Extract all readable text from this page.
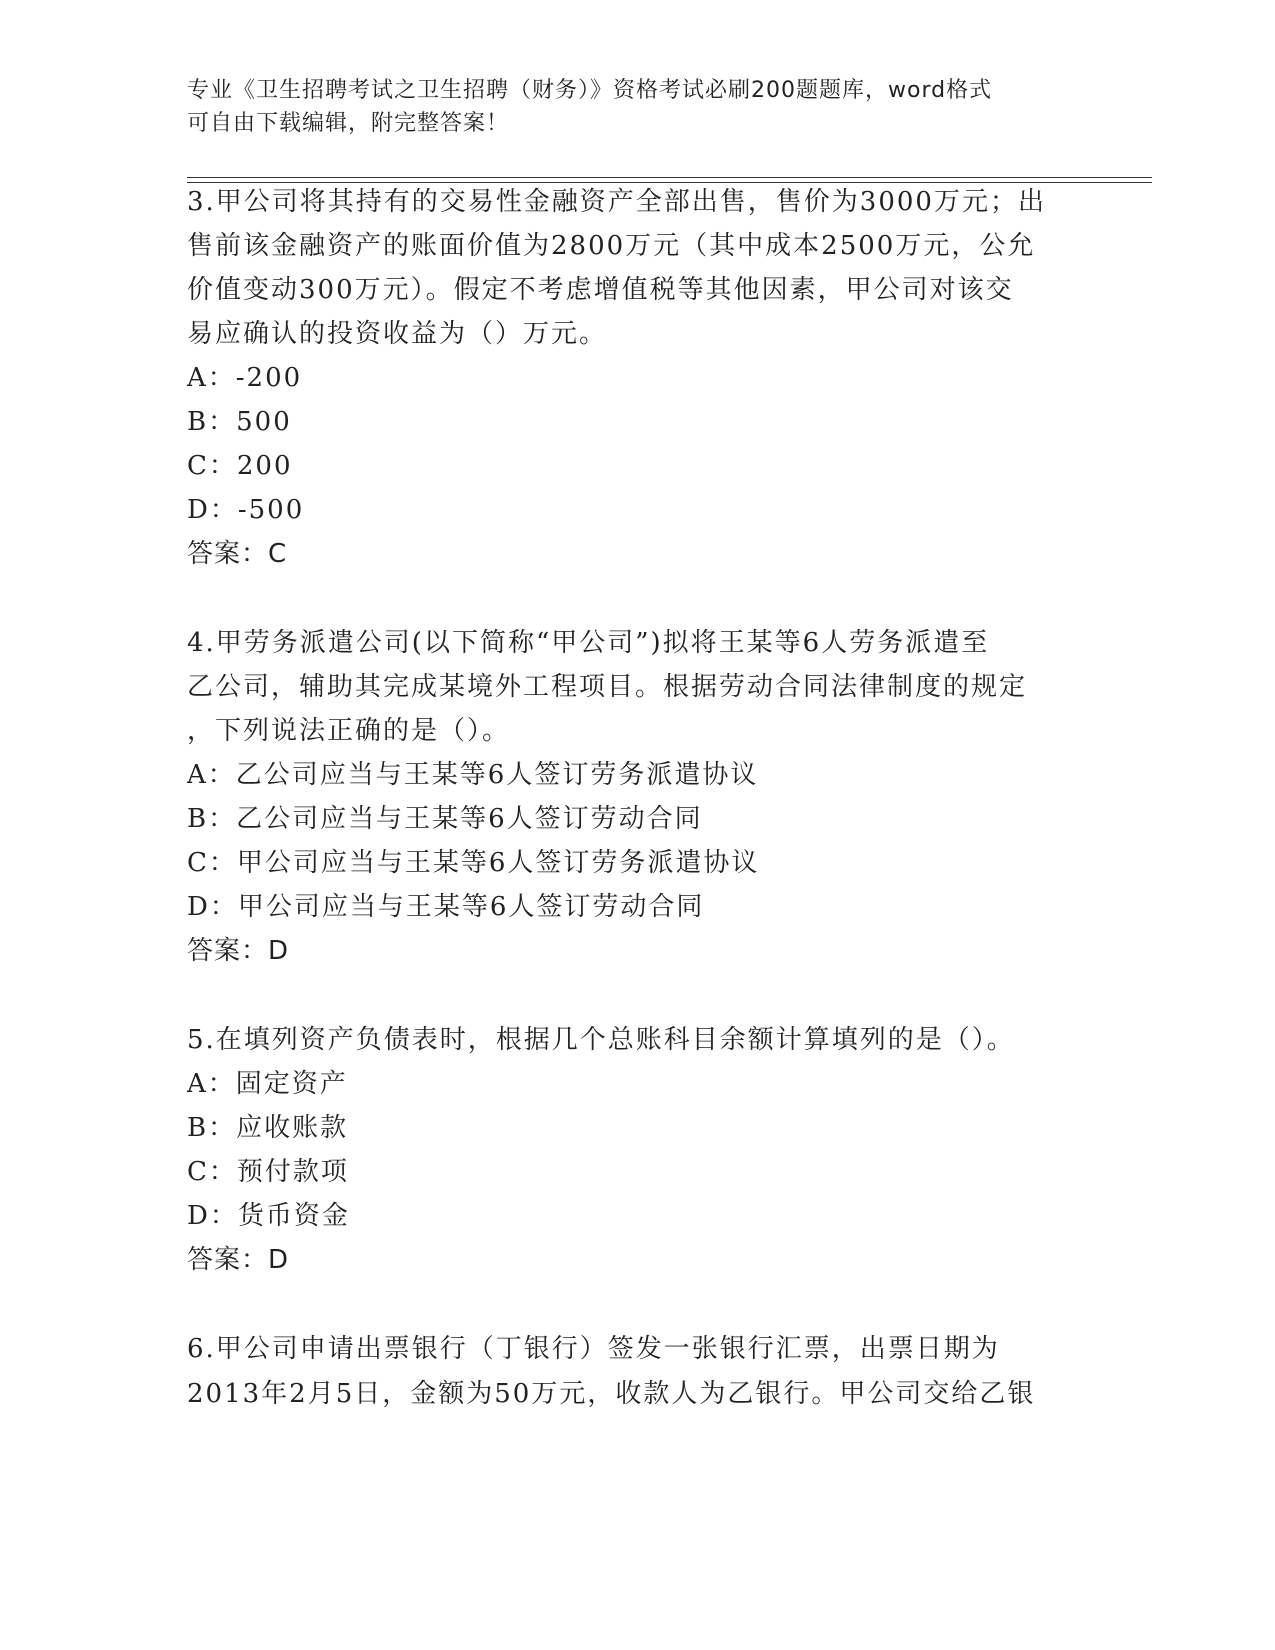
专业《卫生招聘考试之卫生招聘（财务）》资格考试必刷200题题库，word格式
可自由下载编辑，附完整答案！
3.甲公司将其持有的交易性金融资产全部出售，售价为3000万元；出
售前该金融资产的账面价值为2800万元（其中成本2500万元，公允
价值变动300万元）。假定不考虑增值税等其他因素，甲公司对该交
易应确认的投资收益为（）万元。
A：-200
B：500
C：200
D：-500
答案：C
4.甲劳务派遣公司(以下简称“甲公司”)拟将王某等6人劳务派遣至
乙公司，辅助其完成某境外工程项目。根据劳动合同法律制度的规定
，下列说法正确的是（）。
A：乙公司应当与王某等6人签订劳务派遣协议
B：乙公司应当与王某等6人签订劳动合同
C：甲公司应当与王某等6人签订劳务派遣协议
D：甲公司应当与王某等6人签订劳动合同
答案：D
5.在填列资产负债表时，根据几个总账科目余额计算填列的是（）。
A：固定资产
B：应收账款
C：预付款项
D：货币资金
答案：D
6.甲公司申请出票银行（丁银行）签发一张银行汇票，出票日期为
2013年2月5日，金额为50万元，收款人为乙银行。甲公司交给乙银
